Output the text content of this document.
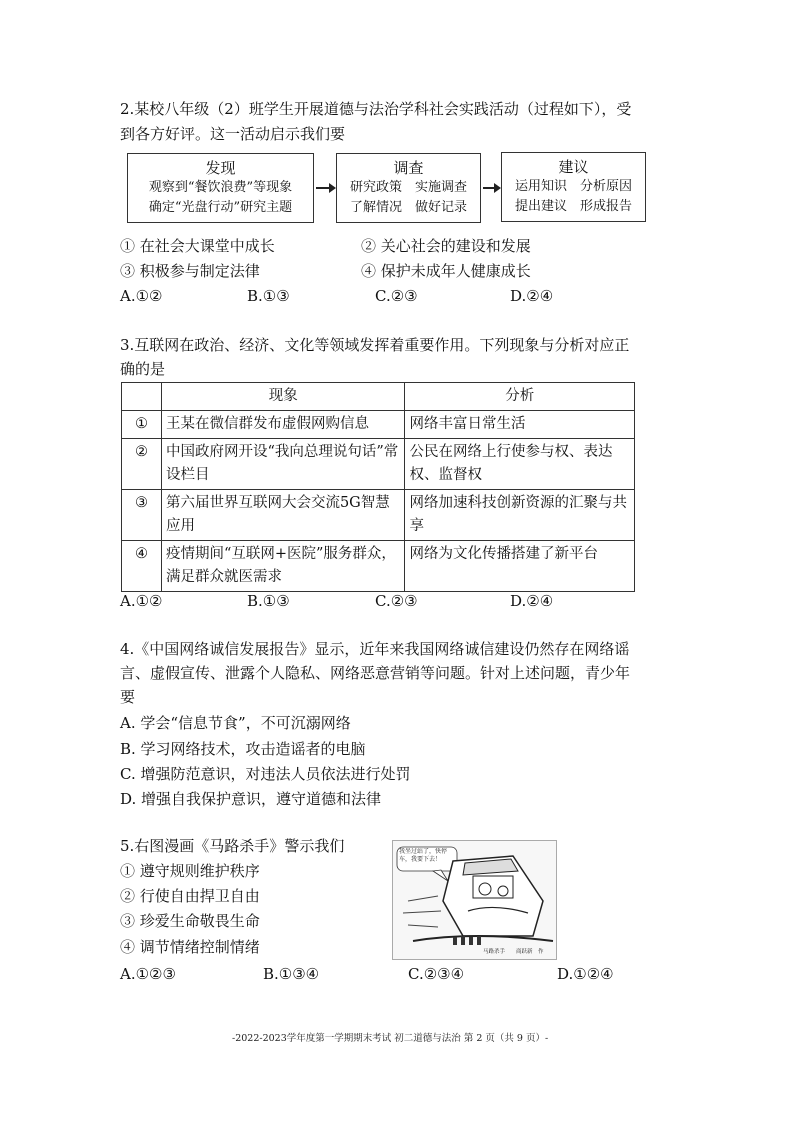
2.某校八年级（2）班学生开展道德与法治学科社会实践活动（过程如下），受
到各方好评。这一活动启示我们要
发现
观察到“餐饮浪费”等现象
确定“光盘行动”研究主题
调查
研究政策　实施调查
了解情况　做好记录
建议
运用知识　分析原因
提出建议　形成报告
① 在社会大课堂中成长	② 关心社会的建设和发展
③ 积极参与制定法律	④ 保护未成年人健康成长
A.①②	B.①③	C.②③	D.②④
3.互联网在政治、经济、文化等领域发挥着重要作用。下列现象与分析对应正
确的是
	现象	分析
①	王某在微信群发布虚假网购信息	网络丰富日常生活
②	中国政府网开设“我向总理说句话”常设栏目	公民在网络上行使参与权、表达权、监督权
③	第六届世界互联网大会交流5G智慧应用	网络加速科技创新资源的汇聚与共享
④	疫情期间“互联网+医院”服务群众，满足群众就医需求	网络为文化传播搭建了新平台
A.①②	B.①③	C.②③	D.②④
4.《中国网络诚信发展报告》显示，近年来我国网络诚信建设仍然存在网络谣
言、虚假宣传、泄露个人隐私、网络恶意营销等问题。针对上述问题，青少年
要
A. 学会“信息节食”，不可沉溺网络
B. 学习网络技术，攻击造谣者的电脑
C. 增强防范意识，对违法人员依法进行处罚
D. 增强自我保护意识，遵守道德和法律
5.右图漫画《马路杀手》警示我们
① 遵守规则维护秩序
② 行使自由捍卫自由
③ 珍爱生命敬畏生命
④ 调节情绪控制情绪
我坐过站了，快停车，我要下去！
马路杀手　　商跃新　作
A.①②③	B.①③④	C.②③④	D.①②④
-2022-2023学年度第一学期期末考试 初二道德与法治 第 2 页（共 9 页）-
